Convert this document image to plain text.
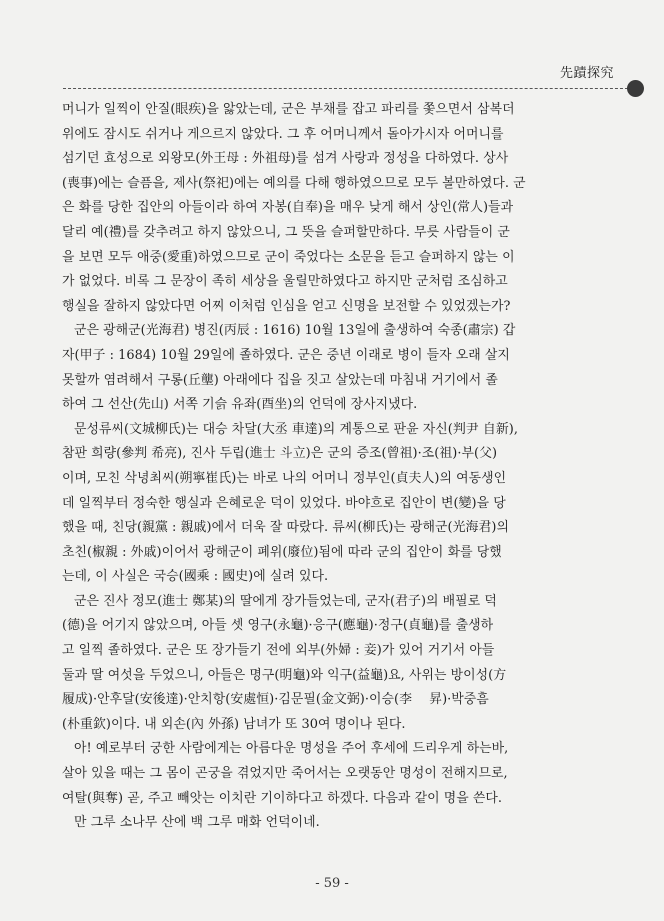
先蹟探究

머니가 일찍이 안질(眼疾)을 앓았는데, 군은 부채를 잡고 파리를 쫓으면서 삼복더

위에도 잠시도 쉬거나 게으르지 않았다. 그 후 어머니께서 돌아가시자 어머니를

섬기던 효성으로 외왕모(外王母 : 外祖母)를 섬겨 사랑과 정성을 다하였다. 상사

(喪事)에는 슬픔을, 제사(祭祀)에는 예의를 다해 행하였으므로 모두 볼만하였다. 군

은 화를 당한 집안의 아들이라 하여 자봉(自奉)을 매우 낮게 해서 상인(常人)들과

달리 예(禮)를 갖추려고 하지 않았으니, 그 뜻을 슬퍼할만하다. 무릇 사람들이 군

을 보면 모두 애중(愛重)하였으므로 군이 죽었다는 소문을 듣고 슬퍼하지 않는 이

가 없었다. 비록 그 문장이 족히 세상을 울릴만하였다고 하지만 군처럼 조심하고

행실을 잘하지 않았다면 어찌 이처럼 인심을 얻고 신명을 보전할 수 있었겠는가?

군은 광해군(光海君) 병진(丙辰 : 1616) 10월 13일에 출생하여 숙종(肅宗) 갑

자(甲子 : 1684) 10월 29일에 졸하였다. 군은 중년 이래로 병이 들자 오래 살지

못할까 염려해서 구롱(丘壟) 아래에다 집을 짓고 살았는데 마침내 거기에서 졸

하여 그 선산(先山) 서쪽 기슭 유좌(酉坐)의 언덕에 장사지냈다.

문성류씨(文城柳氏)는 대승 차달(大丞 車達)의 계통으로 판윤 자신(判尹 自新),

참판 희량(參判 希亮), 진사 두립(進士 斗立)은 군의 증조(曾祖)·조(祖)·부(父)

이며, 모친 삭녕최씨(朔寧崔氏)는 바로 나의 어머니 정부인(貞夫人)의 여동생인

데 일찍부터 정숙한 행실과 은혜로운 덕이 있었다. 바야흐로 집안이 변(變)을 당

했을 때, 친당(親黨 : 親戚)에서 더욱 잘 따랐다. 류씨(柳氏)는 광해군(光海君)의

초친(椒親 : 外戚)이어서 광해군이 폐위(廢位)됨에 따라 군의 집안이 화를 당했

는데, 이 사실은 국승(國乘 : 國史)에 실려 있다.

군은 진사 정모(進士 鄭某)의 딸에게 장가들었는데, 군자(君子)의 배필로 덕

(德)을 어기지 않았으며, 아들 셋 영구(永龜)·응구(應龜)·정구(貞龜)를 출생하

고 일찍 졸하였다. 군은 또 장가들기 전에 외부(外婦 : 妾)가 있어 거기서 아들

둘과 딸 여섯을 두었으니, 아들은 명구(明龜)와 익구(益龜)요, 사위는 방이성(方

履成)·안후달(安後達)·안치항(安處恒)·김문필(金文弼)·이승(李　 昇)·박중흠

(朴重欽)이다. 내 외손(內 外孫) 남녀가 또 30여 명이나 된다.

아! 예로부터 궁한 사람에게는 아름다운 명성을 주어 후세에 드리우게 하는바,

살아 있을 때는 그 몸이 곤궁을 겪었지만 죽어서는 오랫동안 명성이 전해지므로,

여탈(與奪) 곧, 주고 빼앗는 이치란 기이하다고 하겠다. 다음과 같이 명을 쓴다.

만 그루 소나무 산에 백 그루 매화 언덕이네.

- 59 -
